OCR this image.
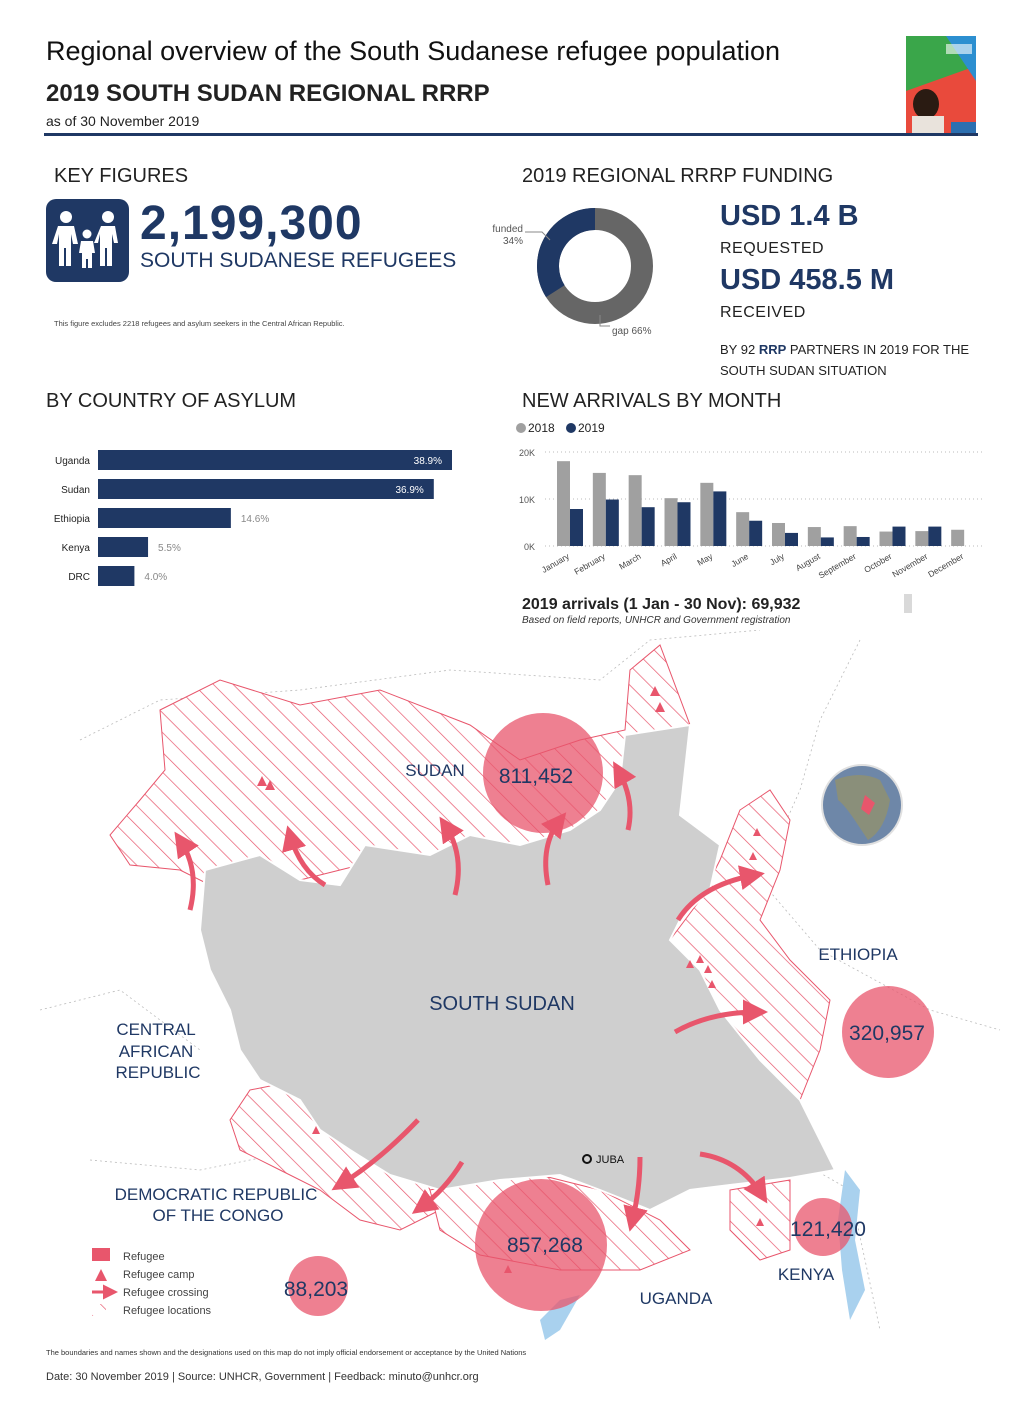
Regional overview of the South Sudanese refugee population
2019 SOUTH SUDAN REGIONAL RRRP
as of 30 November 2019
KEY FIGURES
2,199,300
SOUTH SUDANESE REFUGEES
This figure excludes 2218 refugees and asylum seekers in the Central African Republic.
2019 REGIONAL RRRP FUNDING
funded
34%
gap 66%
USD 1.4 B
REQUESTED
USD 458.5 M
RECEIVED
BY 92 RRP PARTNERS IN 2019 FOR THE SOUTH SUDAN SITUATION
BY COUNTRY OF ASYLUM
Uganda	38.9%
Sudan	36.9%
Ethiopia	14.6%
Kenya	5.5%
DRC	4.0%
NEW ARRIVALS BY MONTH
2018 2019
0K
10K
20K
January February March April May June July August
September October
November
December
2019 arrivals (1 Jan - 30 Nov): 69,932
Based on field reports, UNHCR and Government registration
811,452
320,957
857,268
121,420
88,203
SUDAN
ETHIOPIA
SOUTH SUDAN
CENTRAL
AFRICAN
REPUBLIC
DEMOCRATIC REPUBLIC
OF THE CONGO
UGANDA
KENYA
JUBA
Refugee
Refugee camp
Refugee crossing
Refugee locations
The boundaries and names shown and the designations used on this map do not imply official endorsement or acceptance by the United Nations
Date: 30 November 2019 | Source: UNHCR, Government | Feedback: minuto@unhcr.org
